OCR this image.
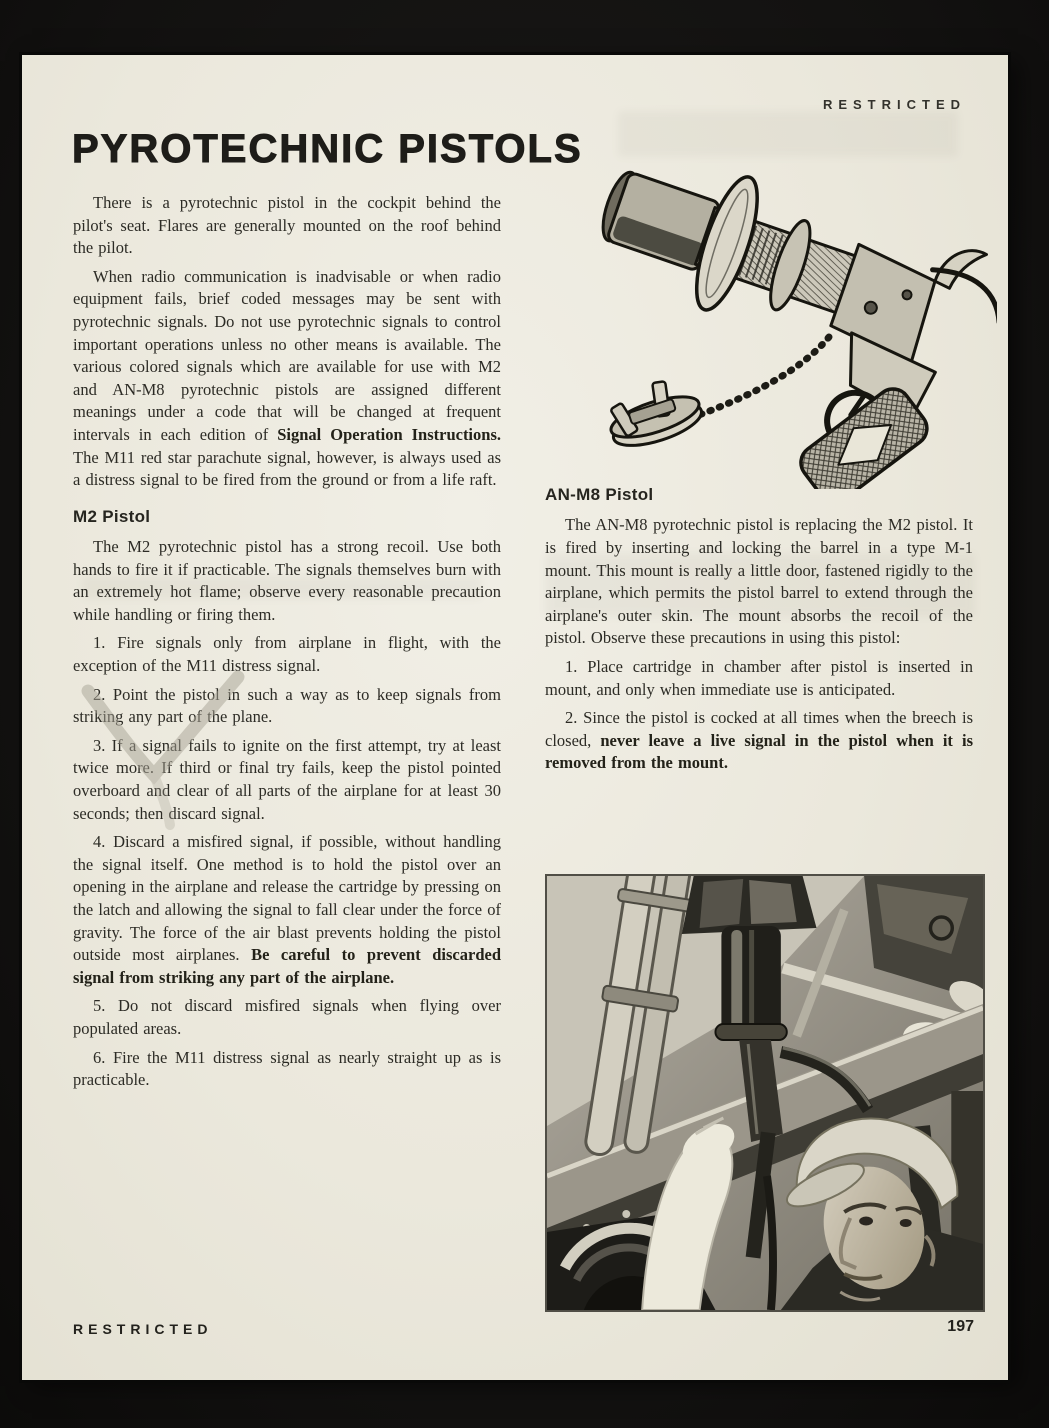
RESTRICTED
PYROTECHNIC PISTOLS

There is a pyrotechnic pistol in the cockpit behind the pilot's seat. Flares are generally mounted on the roof behind the pilot.

When radio communication is inadvisable or when radio equipment fails, brief coded messages may be sent with pyrotechnic signals. Do not use pyrotechnic signals to control important operations unless no other means is available. The various colored signals which are available for use with M2 and AN-M8 pyrotechnic pistols are assigned different meanings under a code that will be changed at frequent intervals in each edition of Signal Operation Instructions. The M11 red star parachute signal, however, is always used as a distress signal to be fired from the ground or from a life raft.

M2 Pistol

The M2 pyrotechnic pistol has a strong recoil. Use both hands to fire it if practicable. The signals themselves burn with an extremely hot flame; observe every reasonable precaution while handling or firing them.

1. Fire signals only from airplane in flight, with the exception of the M11 distress signal.

2. Point the pistol in such a way as to keep signals from striking any part of the plane.

3. If a signal fails to ignite on the first attempt, try at least twice more. If third or final try fails, keep the pistol pointed overboard and clear of all parts of the airplane for at least 30 seconds; then discard signal.

4. Discard a misfired signal, if possible, without handling the signal itself. One method is to hold the pistol over an opening in the airplane and release the cartridge by pressing on the latch and allowing the signal to fall clear under the force of gravity. The force of the air blast prevents holding the pistol outside most airplanes. Be careful to prevent discarded signal from striking any part of the airplane.

5. Do not discard misfired signals when flying over populated areas.

6. Fire the M11 distress signal as nearly straight up as is practicable.

AN-M8 Pistol

The AN-M8 pyrotechnic pistol is replacing the M2 pistol. It is fired by inserting and locking the barrel in a type M-1 mount. This mount is really a little door, fastened rigidly to the airplane, which permits the pistol barrel to extend through the airplane's outer skin. The mount absorbs the recoil of the pistol. Observe these precautions in using this pistol:

1. Place cartridge in chamber after pistol is inserted in mount, and only when immediate use is anticipated.

2. Since the pistol is cocked at all times when the breech is closed, never leave a live signal in the pistol when it is removed from the mount.

RESTRICTED	197
